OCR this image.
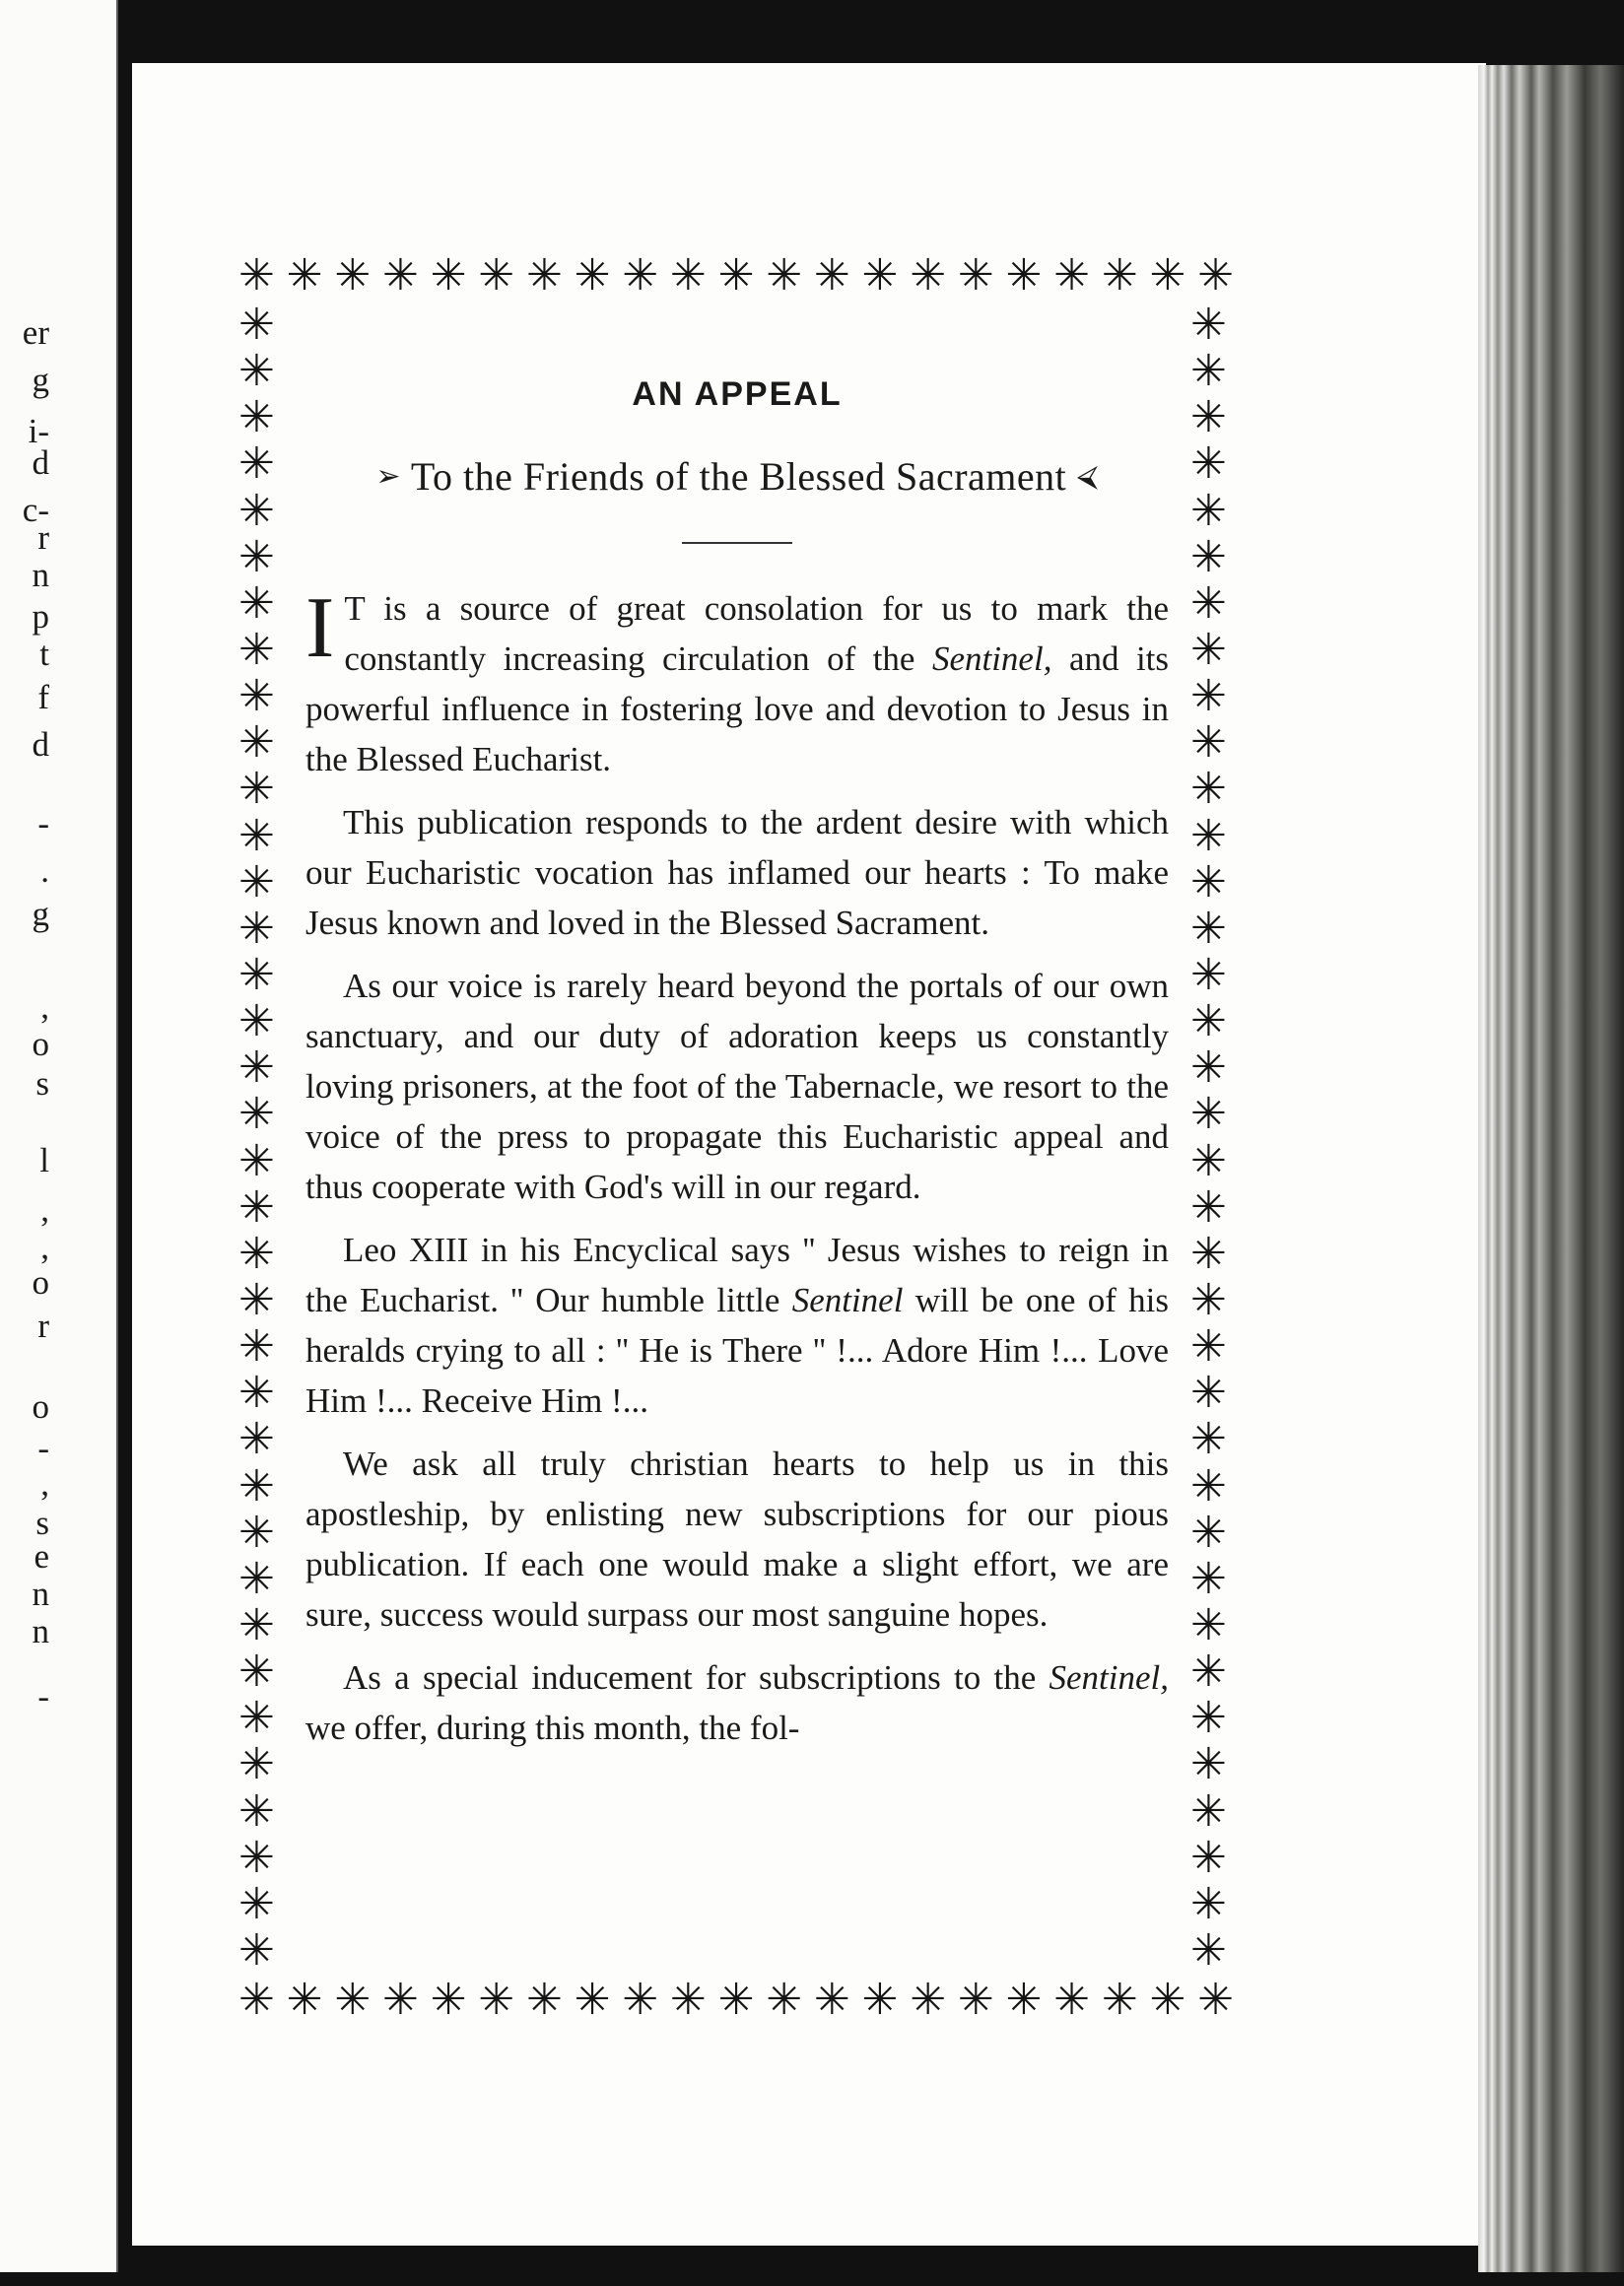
er
g
i-
d
c-
r
n
p
t
f
d
-
.
g
,
o
s
l
,
,
o
r
o
-
,
s
e
n
n
-
✳ ✳ ✳ ✳ ✳ ✳ ✳ ✳ ✳ ✳ ✳ ✳ ✳ ✳ ✳ ✳ ✳ ✳ ✳ ✳ ✳
✳ ✳ ✳ ✳ ✳ ✳ ✳ ✳ ✳ ✳ ✳ ✳ ✳ ✳ ✳ ✳ ✳ ✳ ✳ ✳ ✳
✳
✳
✳
✳
✳
✳
✳
✳
✳
✳
✳
✳
✳
✳
✳
✳
✳
✳
✳
✳
✳
✳
✳
✳
✳
✳
✳
✳
✳
✳
✳
✳
✳
✳
✳
✳
✳
✳
✳
✳
✳
✳
✳
✳
✳
✳
✳
✳
✳
✳
✳
✳
✳
✳
✳
✳
✳
✳
✳
✳
✳
✳
✳
✳
✳
✳
✳
✳
✳
✳
✳
✳
AN APPEAL
➢ To the Friends of the Blessed Sacrament ⮘

I T is a source of great consolation for us to mark the constantly increasing circulation of the Sentinel, and its powerful influence in fostering love and devotion to Jesus in the Blessed Eucharist.

This publication responds to the ardent desire with which our Eucharistic vocation has inflamed our hearts : To make Jesus known and loved in the Blessed Sacrament.

As our voice is rarely heard beyond the portals of our own sanctuary, and our duty of adoration keeps us constantly loving prisoners, at the foot of the Tabernacle, we resort to the voice of the press to propagate this Eucharistic appeal and thus cooperate with God's will in our regard.

Leo XIII in his Encyclical says '' Jesus wishes to reign in the Eucharist. '' Our humble little Sentinel will be one of his heralds crying to all : '' He is There '' !... Adore Him !... Love Him !... Receive Him !...

We ask all truly christian hearts to help us in this apostleship, by enlisting new subscriptions for our pious publication. If each one would make a slight effort, we are sure, success would surpass our most sanguine hopes.

As a special inducement for subscriptions to the Sentinel, we offer, during this month, the fol-
